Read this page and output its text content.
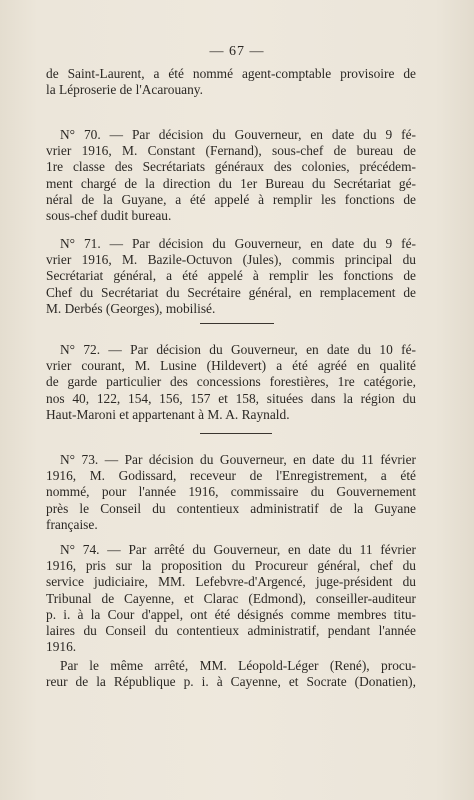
— 67 —
de Saint-Laurent, a été nommé agent-comptable provisoire de
la Léproserie de l'Acarouany.
N° 70. — Par décision du Gouverneur, en date du 9 fé-
vrier 1916, M. Constant (Fernand), sous-chef de bureau de
1re classe des Secrétariats généraux des colonies, précédem-
ment chargé de la direction du 1er Bureau du Secrétariat gé-
néral de la Guyane, a été appelé à remplir les fonctions de
sous-chef dudit bureau.
N° 71. — Par décision du Gouverneur, en date du 9 fé-
vrier 1916, M. Bazile-Octuvon (Jules), commis principal du
Secrétariat général, a été appelé à remplir les fonctions de
Chef du Secrétariat du Secrétaire général, en remplacement de
M. Derbés (Georges), mobilisé.
N° 72. — Par décision du Gouverneur, en date du 10 fé-
vrier courant, M. Lusine (Hildevert) a été agréé en qualité
de garde particulier des concessions forestières, 1re catégorie,
nos 40, 122, 154, 156, 157 et 158, situées dans la région du
Haut-Maroni et appartenant à M. A. Raynald.
N° 73. — Par décision du Gouverneur, en date du 11 février
1916, M. Godissard, receveur de l'Enregistrement, a été
nommé, pour l'année 1916, commissaire du Gouvernement
près le Conseil du contentieux administratif de la Guyane
française.
N° 74. — Par arrêté du Gouverneur, en date du 11 février
1916, pris sur la proposition du Procureur général, chef du
service judiciaire, MM. Lefebvre-d'Argencé, juge-président du
Tribunal de Cayenne, et Clarac (Edmond), conseiller-auditeur
p. i. à la Cour d'appel, ont été désignés comme membres titu-
laires du Conseil du contentieux administratif, pendant l'année
1916.
Par le même arrêté, MM. Léopold-Léger (René), procu-
reur de la République p. i. à Cayenne, et Socrate (Donatien),
